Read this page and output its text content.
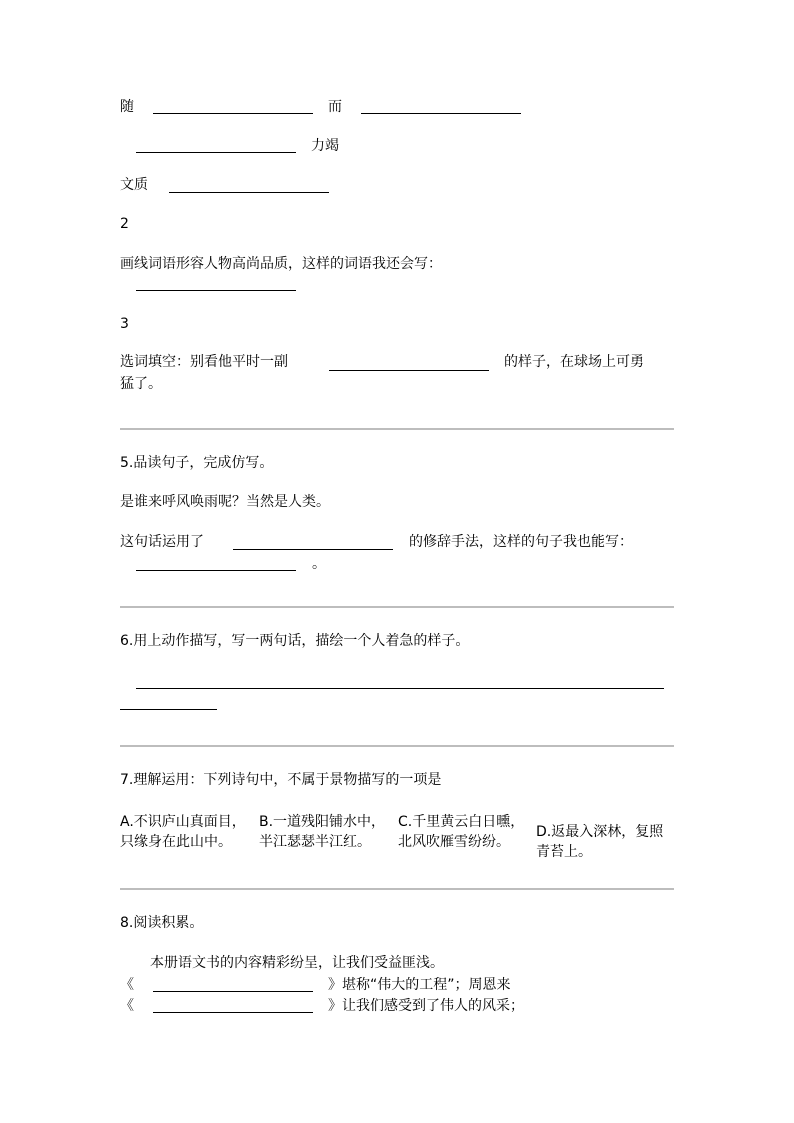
随	而
力竭
文质
2
画线词语形容人物高尚品质，这样的词语我还会写：
3
选词填空：别看他平时一副	的样子，在球场上可勇
猛了。
5.品读句子，完成仿写。
是谁来呼风唤雨呢？当然是人类。
这句话运用了	的修辞手法，这样的句子我也能写：
。
6.用上动作描写，写一两句话，描绘一个人着急的样子。
7.理解运用：下列诗句中，不属于景物描写的一项是
A.不识庐山真面目，只缘身在此山中。
B.一道残阳铺水中，半江瑟瑟半江红。
C.千里黄云白日曛，北风吹雁雪纷纷。
D.返最入深林，复照青苔上。
8.阅读积累。
本册语文书的内容精彩纷呈，让我们受益匪浅。
《	》堪称“伟大的工程”；周恩来
《	》让我们感受到了伟人的风采；
